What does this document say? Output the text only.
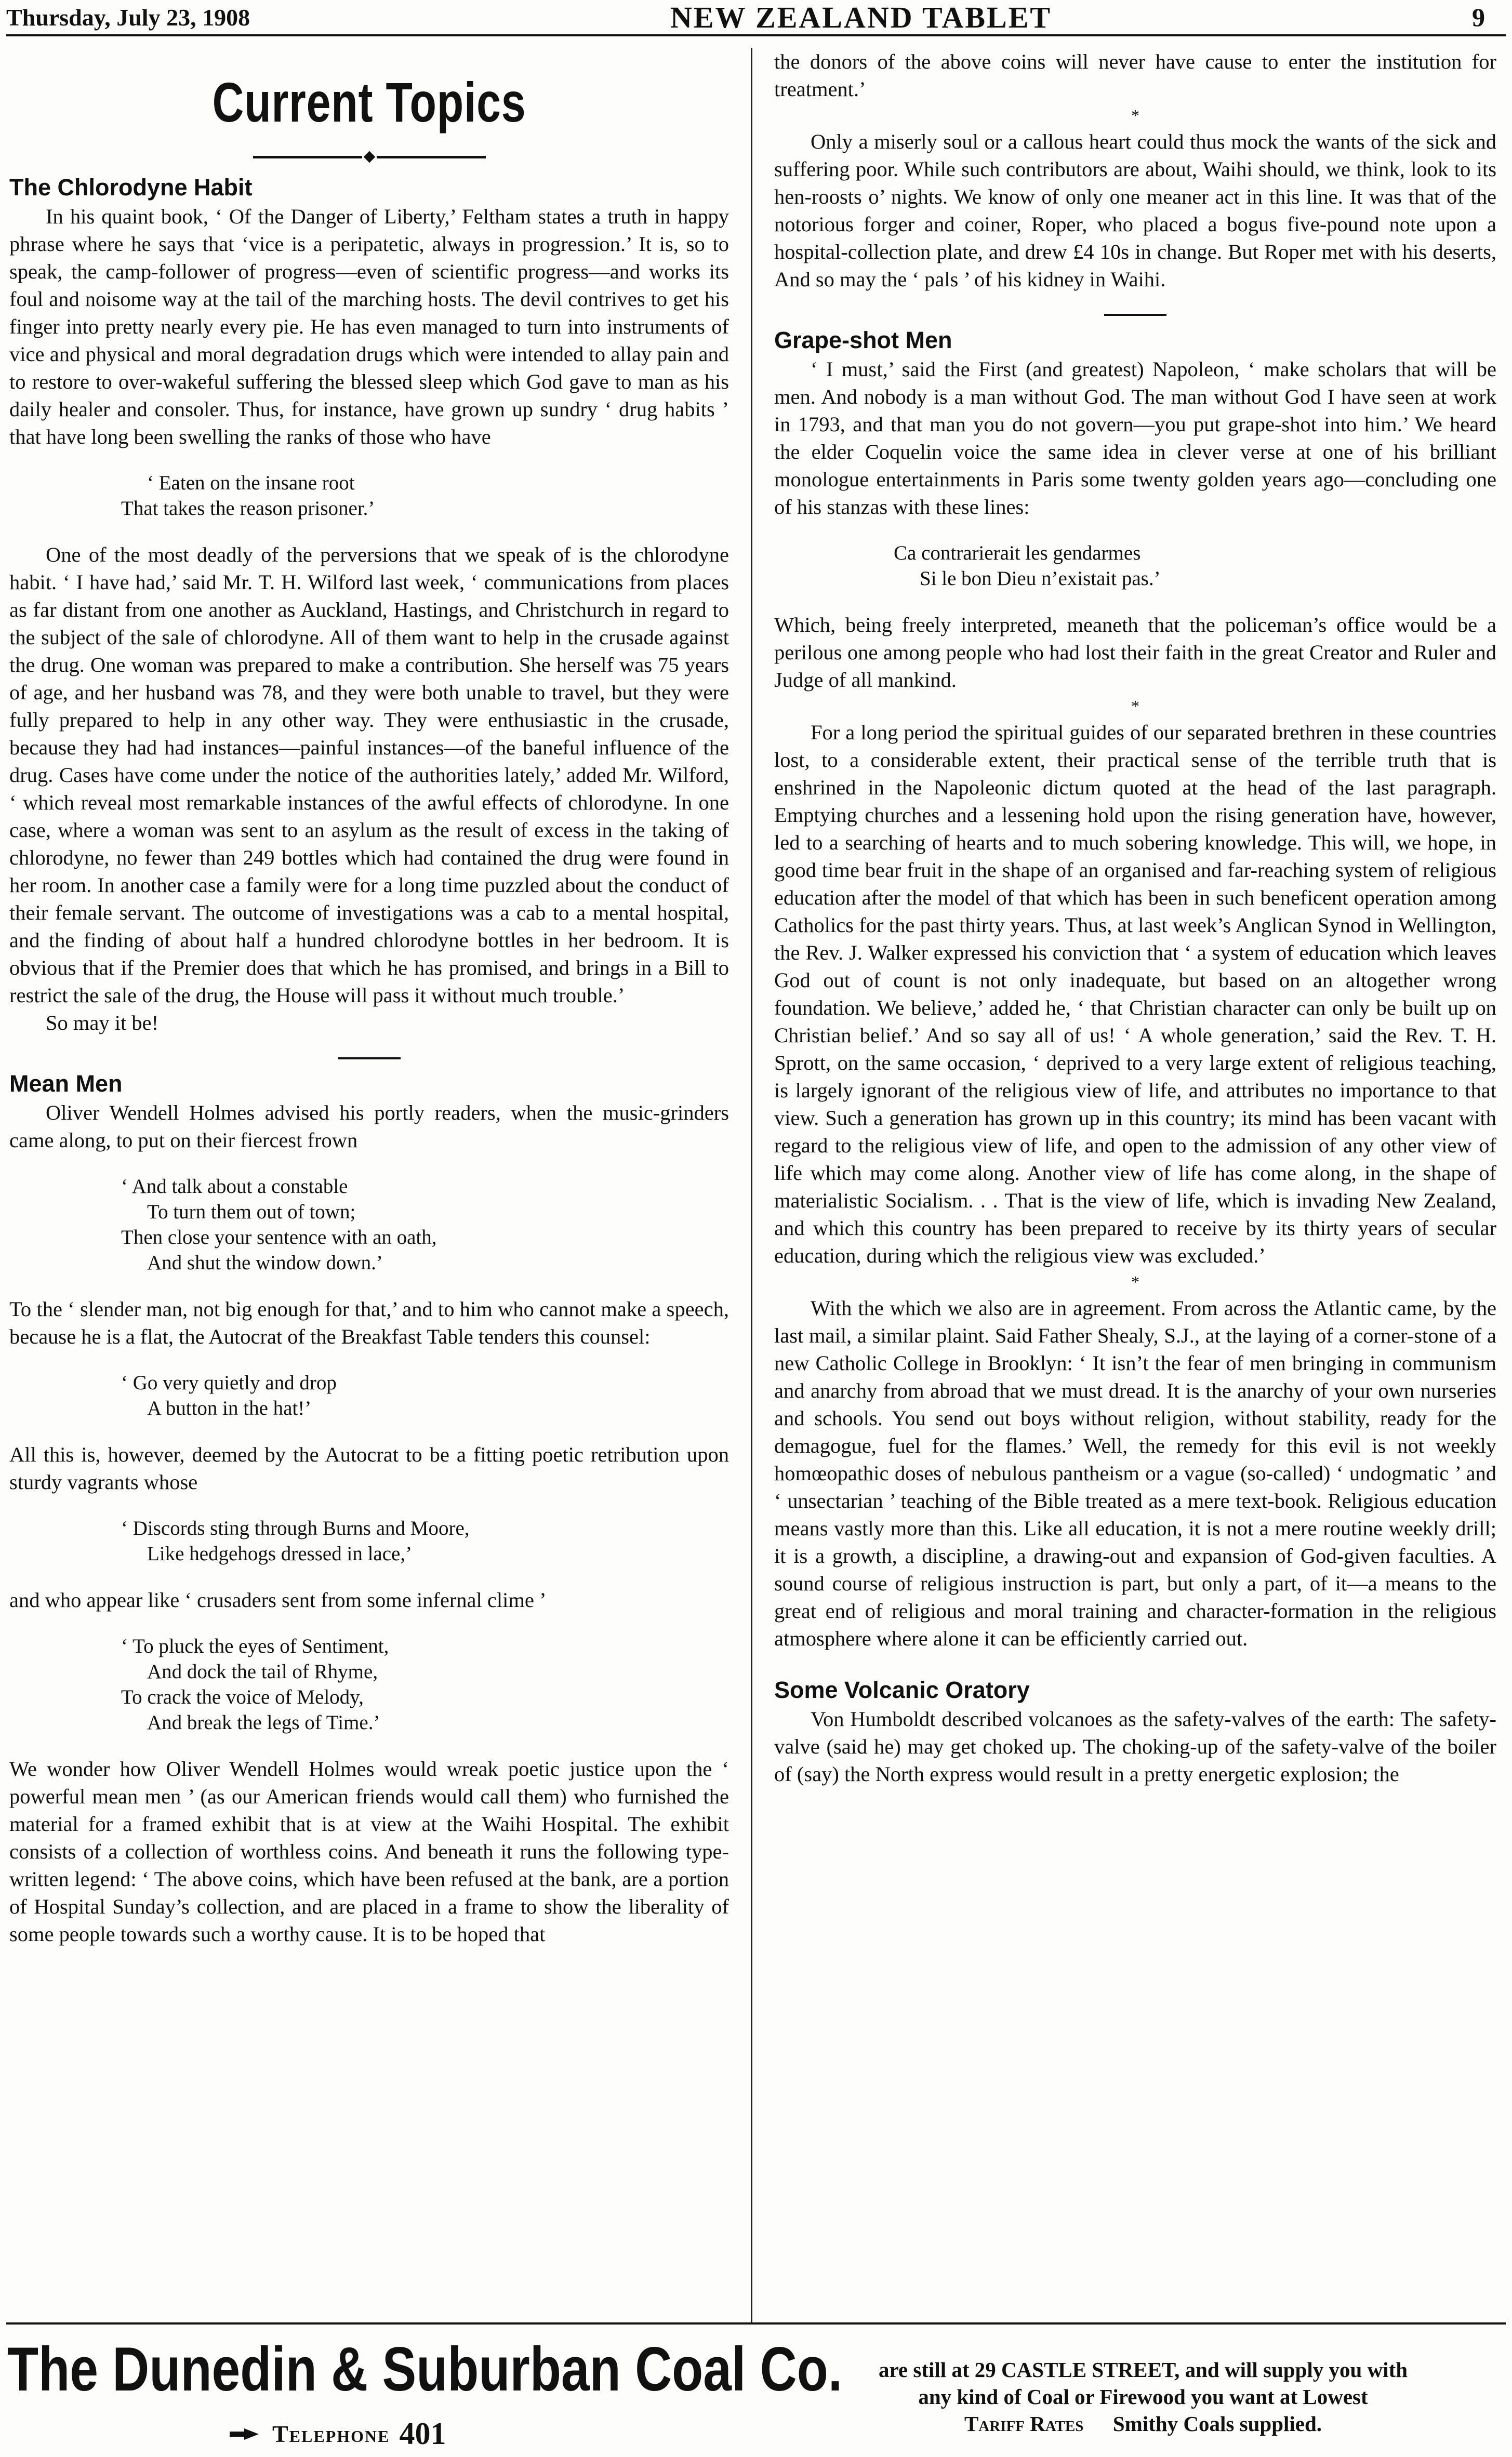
Thursday, July 23, 1908	NEW ZEALAND TABLET	9
Current Topics
The Chlorodyne Habit

In his quaint book, ‘ Of the Danger of Liberty,’ Feltham states a truth in happy phrase where he says that ‘vice is a peripatetic, always in progression.’ It is, so to speak, the camp-follower of progress—even of scientific progress—and works its foul and noisome way at the tail of the marching hosts. The devil contrives to get his finger into pretty nearly every pie. He has even managed to turn into instruments of vice and physical and moral degradation drugs which were intended to allay pain and to restore to over-wakeful suffering the blessed sleep which God gave to man as his daily healer and consoler. Thus, for instance, have grown up sundry ‘ drug habits ’ that have long been swelling the ranks of those who have

‘ Eaten on the insane root
That takes the reason prisoner.’

One of the most deadly of the perversions that we speak of is the chlorodyne habit. ‘ I have had,’ said Mr. T. H. Wilford last week, ‘ communications from places as far distant from one another as Auckland, Hastings, and Christchurch in regard to the subject of the sale of chlorodyne. All of them want to help in the crusade against the drug. One woman was prepared to make a contribution. She herself was 75 years of age, and her husband was 78, and they were both unable to travel, but they were fully prepared to help in any other way. They were enthusiastic in the crusade, because they had had instances—painful instances—of the baneful influence of the drug. Cases have come under the notice of the authorities lately,’ added Mr. Wilford, ‘ which reveal most remarkable instances of the awful effects of chlorodyne. In one case, where a woman was sent to an asylum as the result of excess in the taking of chlorodyne, no fewer than 249 bottles which had contained the drug were found in her room. In another case a family were for a long time puzzled about the conduct of their female servant. The outcome of investigations was a cab to a mental hospital, and the finding of about half a hundred chlorodyne bottles in her bedroom. It is obvious that if the Premier does that which he has promised, and brings in a Bill to restrict the sale of the drug, the House will pass it without much trouble.’

So may it be!

Mean Men

Oliver Wendell Holmes advised his portly readers, when the music-grinders came along, to put on their fiercest frown

‘ And talk about a constable
To turn them out of town;
Then close your sentence with an oath,
And shut the window down.’

To the ‘ slender man, not big enough for that,’ and to him who cannot make a speech, because he is a flat, the Autocrat of the Breakfast Table tenders this counsel:

‘ Go very quietly and drop
A button in the hat!’

All this is, however, deemed by the Autocrat to be a fitting poetic retribution upon sturdy vagrants whose

‘ Discords sting through Burns and Moore,
Like hedgehogs dressed in lace,’

and who appear like ‘ crusaders sent from some infernal clime ’

‘ To pluck the eyes of Sentiment,
And dock the tail of Rhyme,
To crack the voice of Melody,
And break the legs of Time.’

We wonder how Oliver Wendell Holmes would wreak poetic justice upon the ‘ powerful mean men ’ (as our American friends would call them) who furnished the material for a framed exhibit that is at view at the Waihi Hospital. The exhibit consists of a collection of worthless coins. And beneath it runs the following type-written legend: ‘ The above coins, which have been refused at the bank, are a portion of Hospital Sunday’s collection, and are placed in a frame to show the liberality of some people towards such a worthy cause. It is to be hoped that

the donors of the above coins will never have cause to enter the institution for treatment.’

*

Only a miserly soul or a callous heart could thus mock the wants of the sick and suffering poor. While such contributors are about, Waihi should, we think, look to its hen-roosts o’ nights. We know of only one meaner act in this line. It was that of the notorious forger and coiner, Roper, who placed a bogus five-pound note upon a hospital-collection plate, and drew £4 10s in change. But Roper met with his deserts, And so may the ‘ pals ’ of his kidney in Waihi.

Grape-shot Men

‘ I must,’ said the First (and greatest) Napoleon, ‘ make scholars that will be men. And nobody is a man without God. The man without God I have seen at work in 1793, and that man you do not govern—you put grape-shot into him.’ We heard the elder Coquelin voice the same idea in clever verse at one of his brilliant monologue entertainments in Paris some twenty golden years ago—concluding one of his stanzas with these lines:

Ca contrarierait les gendarmes
Si le bon Dieu n’existait pas.’

Which, being freely interpreted, meaneth that the policeman’s office would be a perilous one among people who had lost their faith in the great Creator and Ruler and Judge of all mankind.

*

For a long period the spiritual guides of our separated brethren in these countries lost, to a considerable extent, their practical sense of the terrible truth that is enshrined in the Napoleonic dictum quoted at the head of the last paragraph. Emptying churches and a lessening hold upon the rising generation have, however, led to a searching of hearts and to much sobering knowledge. This will, we hope, in good time bear fruit in the shape of an organised and far-reaching system of religious education after the model of that which has been in such beneficent operation among Catholics for the past thirty years. Thus, at last week’s Anglican Synod in Wellington, the Rev. J. Walker expressed his conviction that ‘ a system of education which leaves God out of count is not only inadequate, but based on an altogether wrong foundation. We believe,’ added he, ‘ that Christian character can only be built up on Christian belief.’ And so say all of us! ‘ A whole generation,’ said the Rev. T. H. Sprott, on the same occasion, ‘ deprived to a very large extent of religious teaching, is largely ignorant of the religious view of life, and attributes no importance to that view. Such a generation has grown up in this country; its mind has been vacant with regard to the religious view of life, and open to the admission of any other view of life which may come along. Another view of life has come along, in the shape of materialistic Socialism. . . That is the view of life, which is invading New Zealand, and which this country has been prepared to receive by its thirty years of secular education, during which the religious view was excluded.’

*

With the which we also are in agreement. From across the Atlantic came, by the last mail, a similar plaint. Said Father Shealy, S.J., at the laying of a corner-stone of a new Catholic College in Brooklyn: ‘ It isn’t the fear of men bringing in communism and anarchy from abroad that we must dread. It is the anarchy of your own nurseries and schools. You send out boys without religion, without stability, ready for the demagogue, fuel for the flames.’ Well, the remedy for this evil is not weekly homœopathic doses of nebulous pantheism or a vague (so-called) ‘ undogmatic ’ and ‘ unsectarian ’ teaching of the Bible treated as a mere text-book. Religious education means vastly more than this. Like all education, it is not a mere routine weekly drill; it is a growth, a discipline, a drawing-out and expansion of God-given faculties. A sound course of religious instruction is part, but only a part, of it—a means to the great end of religious and moral training and character-formation in the religious atmosphere where alone it can be efficiently carried out.

Some Volcanic Oratory

Von Humboldt described volcanoes as the safety-valves of the earth: The safety-valve (said he) may get choked up. The choking-up of the safety-valve of the boiler of (say) the North express would result in a pretty energetic explosion; the

The Dunedin & Suburban Coal Co.
Telephone 401
are still at 29 CASTLE STREET, and will supply you with
any kind of Coal or Firewood you want at Lowest
Tariff Rates Smithy Coals supplied.
